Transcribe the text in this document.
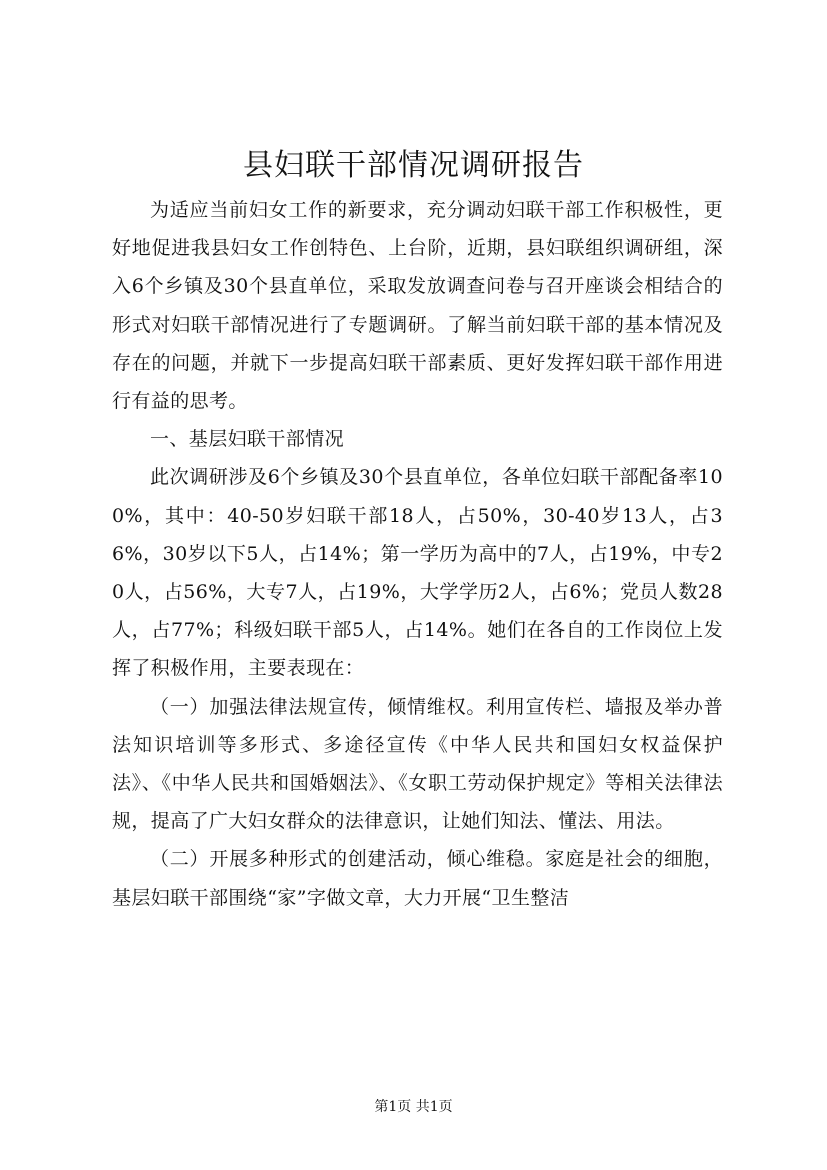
县妇联干部情况调研报告

为适应当前妇女工作的新要求，充分调动妇联干部工作积极性，更好地促进我县妇女工作创特色、上台阶，近期，县妇联组织调研组，深入6个乡镇及30个县直单位，采取发放调查问卷与召开座谈会相结合的形式对妇联干部情况进行了专题调研。了解当前妇联干部的基本情况及存在的问题，并就下一步提高妇联干部素质、更好发挥妇联干部作用进行有益的思考。

一、基层妇联干部情况

此次调研涉及6个乡镇及30个县直单位，各单位妇联干部配备率100%，其中：40-50岁妇联干部18人，占50%，30-40岁13人，占36%，30岁以下5人，占14%；第一学历为高中的7人，占19%，中专20人，占56%，大专7人，占19%，大学学历2人，占6%；党员人数28人，占77%；科级妇联干部5人，占14%。她们在各自的工作岗位上发挥了积极作用，主要表现在：

（一）加强法律法规宣传，倾情维权。利用宣传栏、墙报及举办普法知识培训等多形式、多途径宣传《中华人民共和国妇女权益保护法》、《中华人民共和国婚姻法》、《女职工劳动保护规定》等相关法律法规，提高了广大妇女群众的法律意识，让她们知法、懂法、用法。

（二）开展多种形式的创建活动，倾心维稳。家庭是社会的细胞，基层妇联干部围绕“家”字做文章，大力开展“卫生整洁

第1页 共1页
